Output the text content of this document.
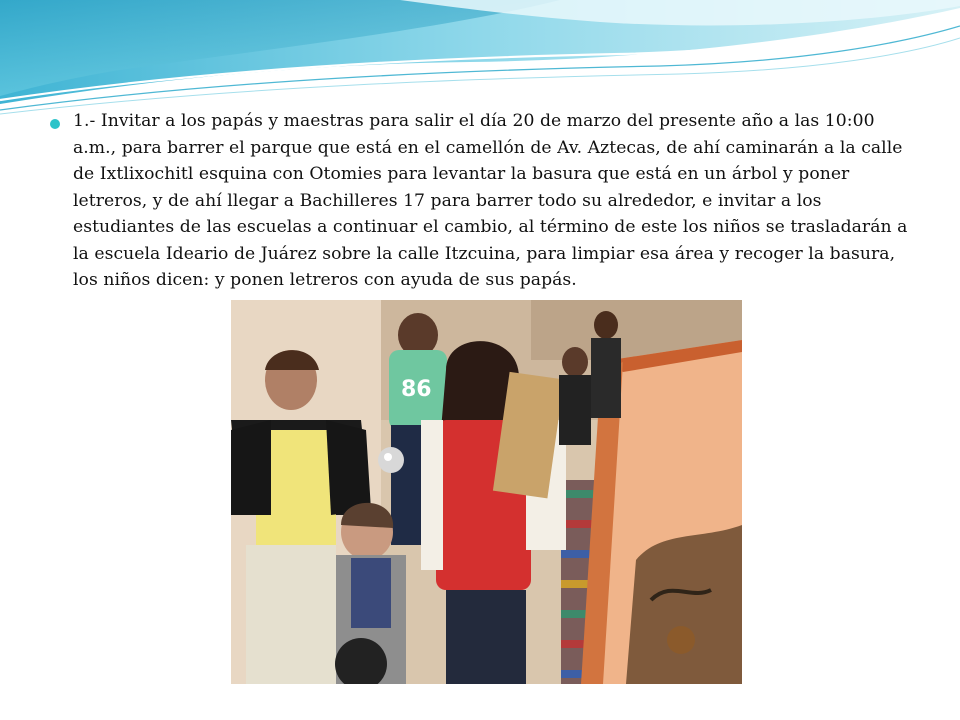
1.- Invitar a los papás y maestras para salir el día 20 de marzo del presente año a las 10:00 a.m., para barrer el parque que está en el camellón de Av. Aztecas, de ahí caminarán a la calle de Ixtlixochitl esquina con Otomies para levantar la basura que está en un árbol y poner letreros, y de ahí llegar a Bachilleres 17 para barrer todo su alrededor, e invitar a los estudiantes de las escuelas a continuar el cambio, al término de este los niños se trasladarán a la escuela Ideario de Juárez sobre la calle Itzcuina, para limpiar esa área y recoger la basura, los niños dicen: y ponen letreros con ayuda de sus papás.

86
